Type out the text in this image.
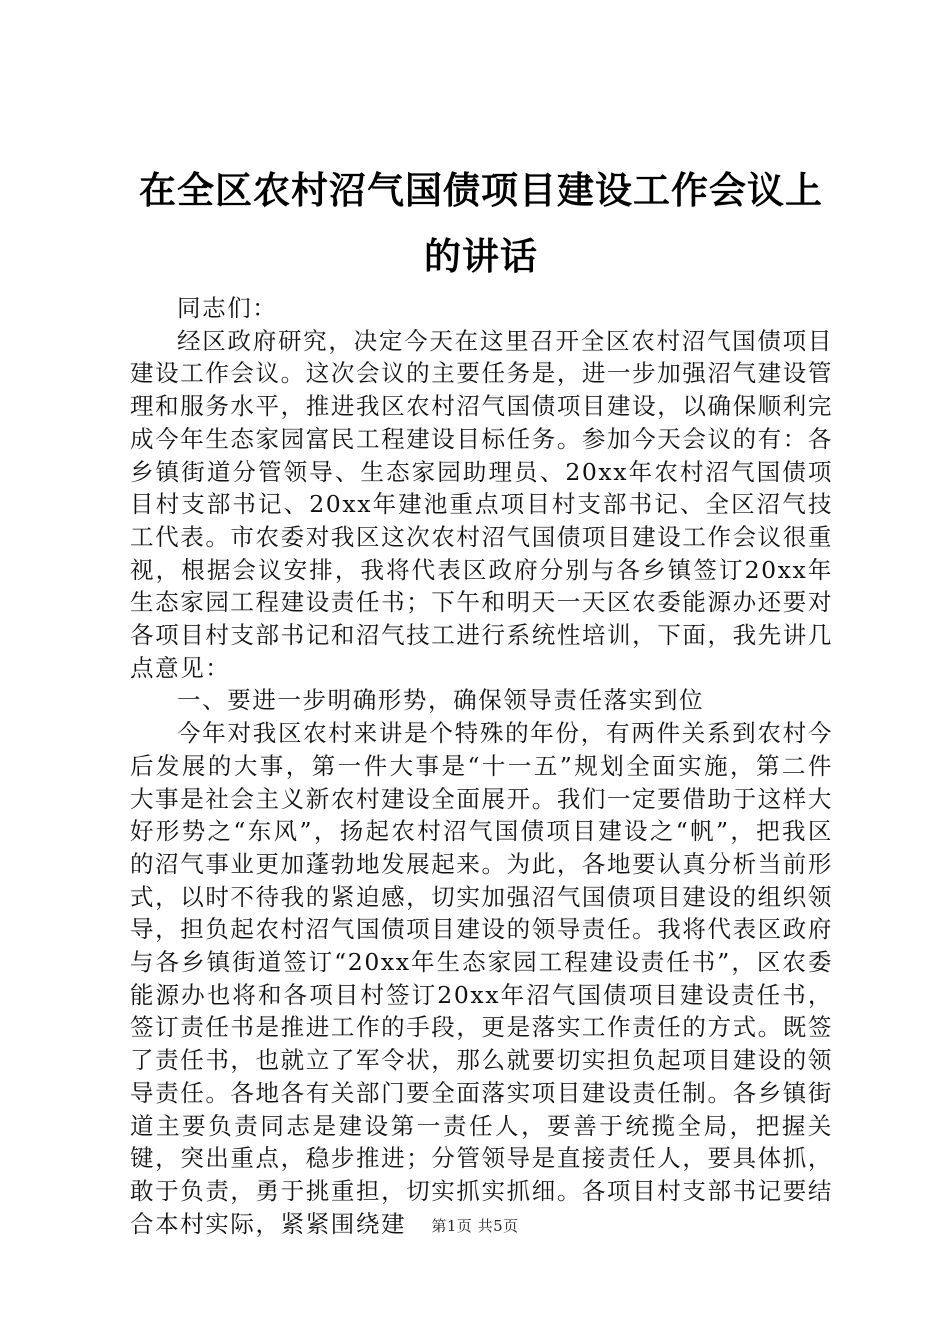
在全区农村沼气国债项目建设工作会议上的讲话

同志们：

经区政府研究，决定今天在这里召开全区农村沼气国债项目建设工作会议。这次会议的主要任务是，进一步加强沼气建设管理和服务水平，推进我区农村沼气国债项目建设，以确保顺利完成今年生态家园富民工程建设目标任务。参加今天会议的有：各乡镇街道分管领导、生态家园助理员、20xx年农村沼气国债项目村支部书记、20xx年建池重点项目村支部书记、全区沼气技工代表。市农委对我区这次农村沼气国债项目建设工作会议很重视，根据会议安排，我将代表区政府分别与各乡镇签订20xx年生态家园工程建设责任书；下午和明天一天区农委能源办还要对各项目村支部书记和沼气技工进行系统性培训，下面，我先讲几点意见：

一、要进一步明确形势，确保领导责任落实到位

今年对我区农村来讲是个特殊的年份，有两件关系到农村今后发展的大事，第一件大事是“十一五”规划全面实施，第二件大事是社会主义新农村建设全面展开。我们一定要借助于这样大好形势之“东风”，扬起农村沼气国债项目建设之“帆”，把我区的沼气事业更加蓬勃地发展起来。为此，各地要认真分析当前形式，以时不待我的紧迫感，切实加强沼气国债项目建设的组织领导，担负起农村沼气国债项目建设的领导责任。我将代表区政府与各乡镇街道签订“20xx年生态家园工程建设责任书”，区农委能源办也将和各项目村签订20xx年沼气国债项目建设责任书，签订责任书是推进工作的手段，更是落实工作责任的方式。既签了责任书，也就立了军令状，那么就要切实担负起项目建设的领导责任。各地各有关部门要全面落实项目建设责任制。各乡镇街道主要负责同志是建设第一责任人，要善于统揽全局，把握关键，突出重点，稳步推进；分管领导是直接责任人，要具体抓，敢于负责，勇于挑重担，切实抓实抓细。各项目村支部书记要结合本村实际，紧紧围绕建	第1页 共5页
